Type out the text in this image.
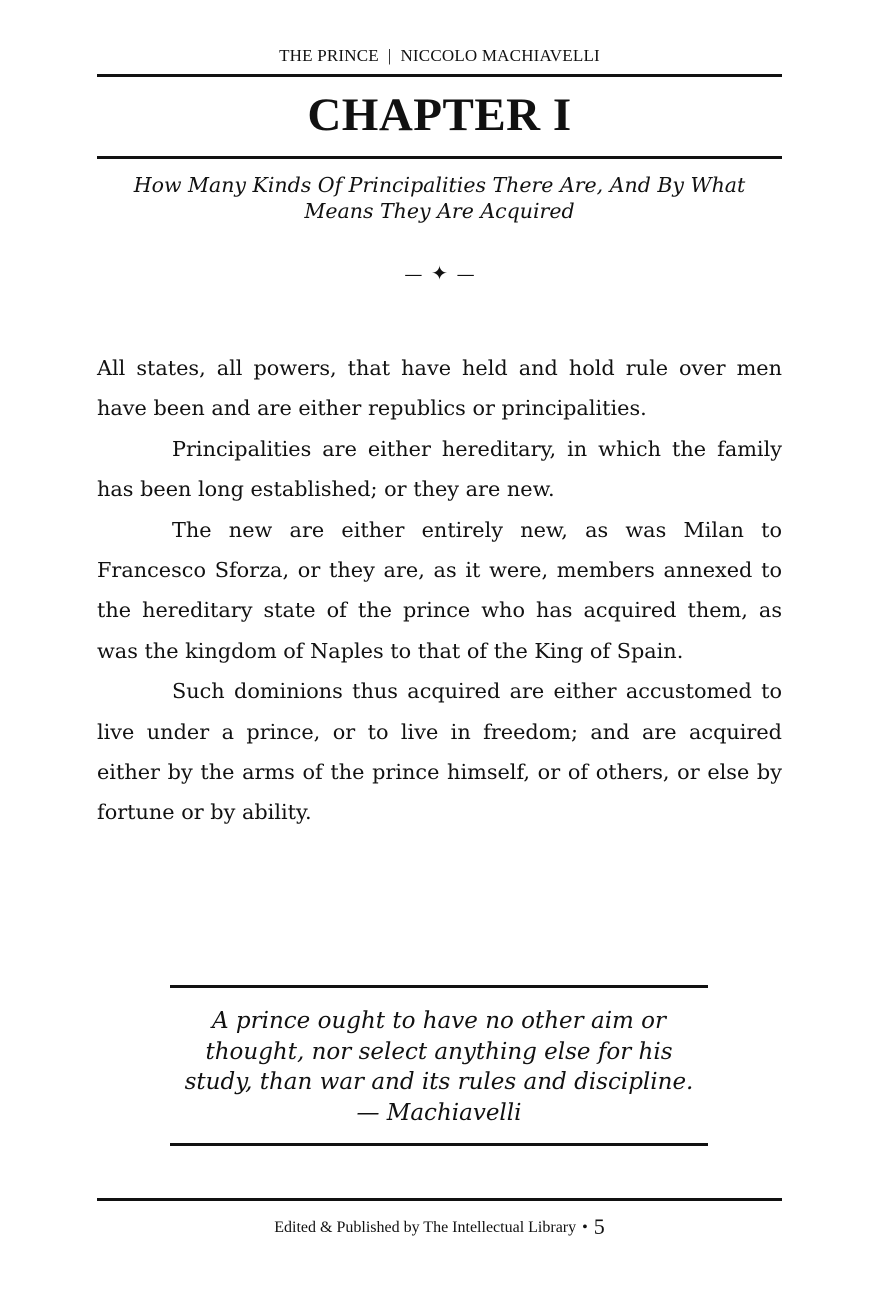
THE PRINCE | NICCOLO MACHIAVELLI
CHAPTER I
How Many Kinds Of Principalities There Are, And By What Means They Are Acquired
— ✦ —

All states, all powers, that have held and hold rule over men have been and are either republics or principalities.

Principalities are either hereditary, in which the family has been long established; or they are new.

The new are either entirely new, as was Milan to Francesco Sforza, or they are, as it were, members annexed to the hereditary state of the prince who has acquired them, as was the kingdom of Naples to that of the King of Spain.

Such dominions thus acquired are either accustomed to live under a prince, or to live in freedom; and are acquired either by the arms of the prince himself, or of others, or else by fortune or by ability.

A prince ought to have no other aim or
thought, nor select anything else for his
study, than war and its rules and discipline.
— Machiavelli
Edited & Published by The Intellectual Library • 5
